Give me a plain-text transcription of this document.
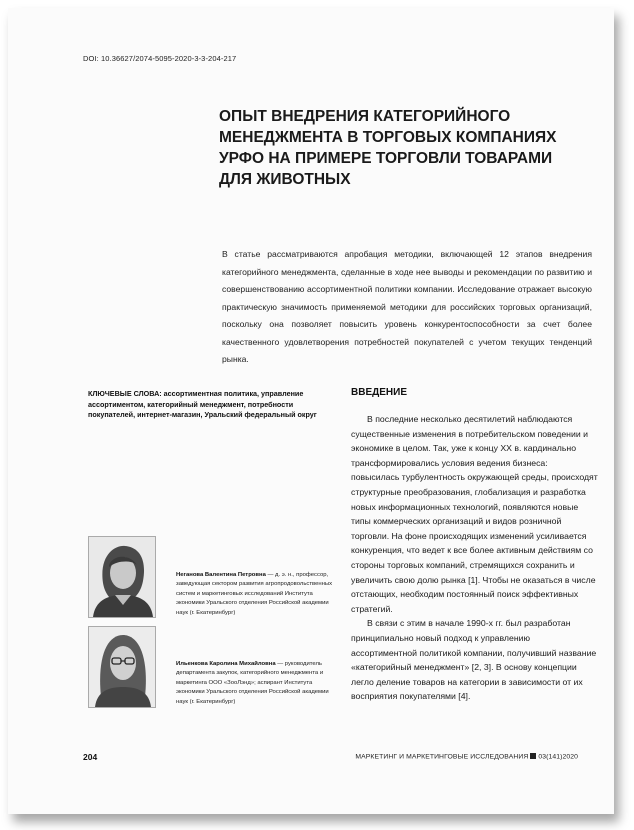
DOI: 10.36627/2074-5095-2020-3-3-204-217
ОПЫТ ВНЕДРЕНИЯ КАТЕГОРИЙНОГО МЕНЕДЖМЕНТА В ТОРГОВЫХ КОМПАНИЯХ УРФО НА ПРИМЕРЕ ТОРГОВЛИ ТОВАРАМИ ДЛЯ ЖИВОТНЫХ

В статье рассматриваются апробация методики, включающей 12 этапов внедрения категорийного менеджмента, сделанные в ходе нее выводы и рекомендации по развитию и совершенствованию ассортиментной политики компании. Исследование отражает высокую практическую значимость применяемой методики для российских торговых организаций, поскольку она позволяет повысить уровень конкурентоспособности за счет более качественного удовлетворения потребностей покупателей с учетом текущих тенденций рынка.

КЛЮЧЕВЫЕ СЛОВА: ассортиментная политика, управление ассортиментом, категорийный менеджмент, потребности покупателей, интернет-магазин, Уральский федеральный округ

ВВЕДЕНИЕ

В последние несколько десятилетий наблюдаются существенные изменения в потребительском поведении и экономике в целом. Так, уже к концу ХХ в. кардинально трансформировались условия ведения бизнеса: повысилась турбулентность окружающей среды, происходят структурные преобразования, глобализация и разработка новых информационных технологий, появляются новые типы коммерческих организаций и видов розничной торговли. На фоне происходящих изменений усиливается конкуренция, что ведет к все более активным действиям со стороны торговых компаний, стремящихся сохранить и увеличить свою долю рынка [1]. Чтобы не оказаться в числе отстающих, необходим постоянный поиск эффективных стратегий.

В связи с этим в начале 1990-х гг. был разработан принципиально новый подход к управлению ассортиментной политикой компании, получивший название «категорийный менеджмент» [2, 3]. В основу концепции легло деление товаров на категории в зависимости от их восприятия покупателями [4].

Неганова Валентина Петровна — д. э. н., профессор, заведующая сектором развития агропродовольственных систем и маркетинговых исследований Института экономики Уральского отделения Российской академии наук (г. Екатеринбург)

Ильенкова Каролина Михайловна — руководитель департамента закупок, категорийного менеджмента и маркетинга ООО «ЗооЛэнд»; аспирант Института экономики Уральского отделения Российской академии наук (г. Екатеринбург)

204	МАРКЕТИНГ И МАРКЕТИНГОВЫЕ ИССЛЕДОВАНИЯ 03(141)2020
